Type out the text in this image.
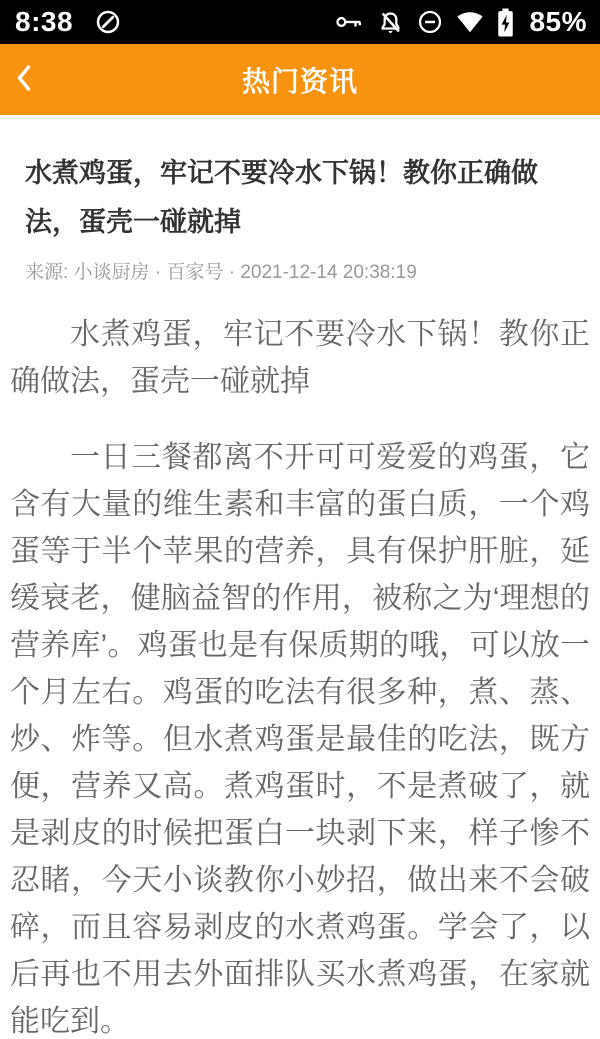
8:38	85%
热门资讯
水煮鸡蛋，牢记不要冷水下锅！教你正确做法，蛋壳一碰就掉
来源: 小谈厨房 · 百家号 · 2021-12-14 20:38:19

水煮鸡蛋，牢记不要冷水下锅！教你正确做法，蛋壳一碰就掉

一日三餐都离不开可可爱爱的鸡蛋，它含有大量的维生素和丰富的蛋白质，一个鸡蛋等于半个苹果的营养，具有保护肝脏，延缓衰老，健脑益智的作用，被称之为‘理想的营养库’。鸡蛋也是有保质期的哦，可以放一个月左右。鸡蛋的吃法有很多种，煮、蒸、炒、炸等。但水煮鸡蛋是最佳的吃法，既方便，营养又高。煮鸡蛋时，不是煮破了，就是剥皮的时候把蛋白一块剥下来，样子惨不忍睹，今天小谈教你小妙招，做出来不会破碎，而且容易剥皮的水煮鸡蛋。学会了，以后再也不用去外面排队买水煮鸡蛋，在家就能吃到。
